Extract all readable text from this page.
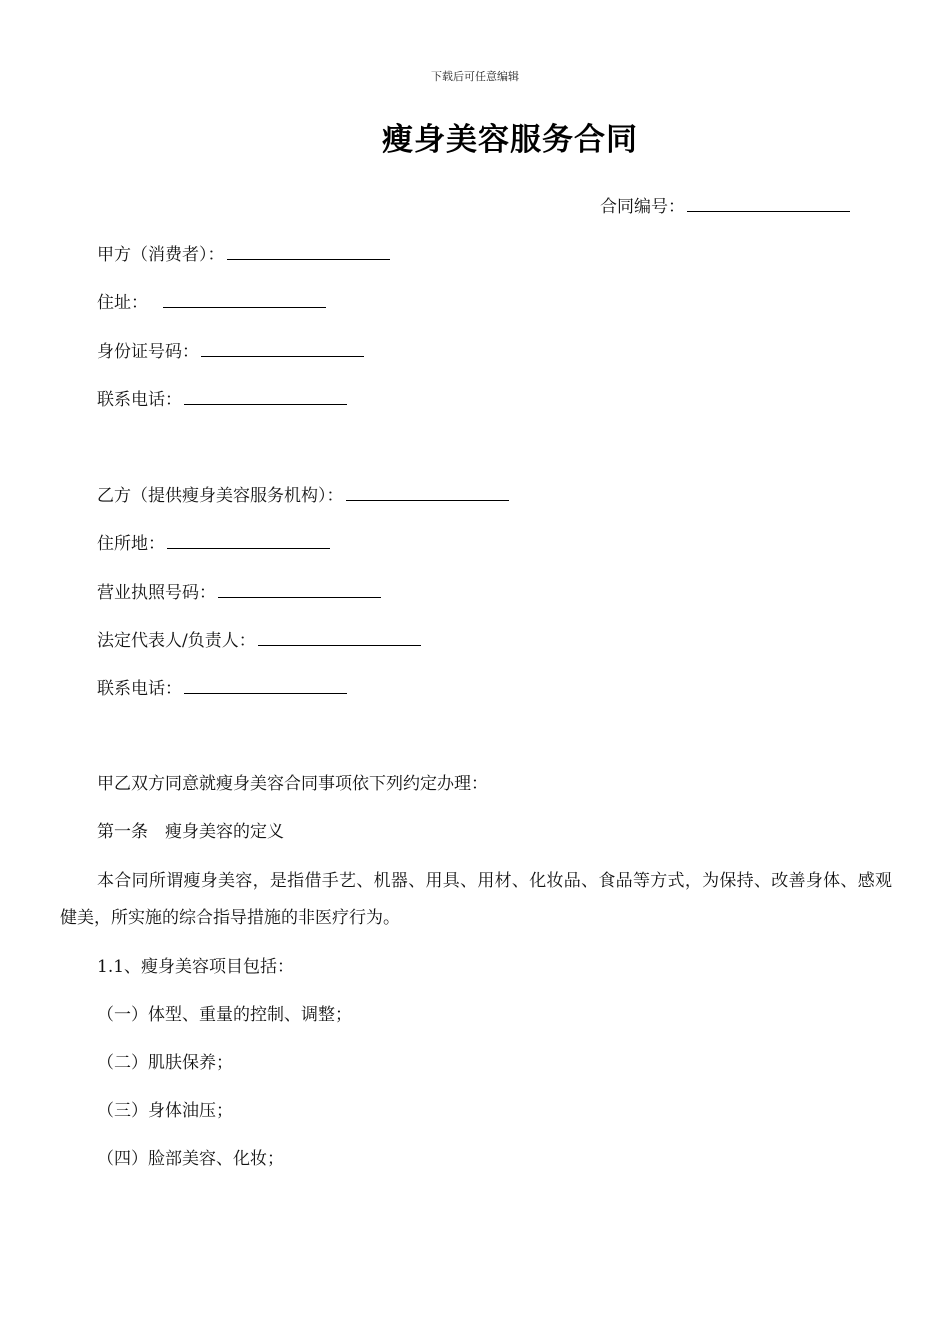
下载后可任意编辑
瘦身美容服务合同
合同编号：
甲方（消费者）：
住址：
身份证号码：
联系电话：
乙方（提供瘦身美容服务机构）：
住所地：
营业执照号码：
法定代表人/负责人：
联系电话：
甲乙双方同意就瘦身美容合同事项依下列约定办理：
第一条　瘦身美容的定义
本合同所谓瘦身美容，是指借手艺、机器、用具、用材、化妆品、食品等方式，为保持、改善身体、感观健美，所实施的综合指导措施的非医疗行为。
1.1、瘦身美容项目包括：
（一）体型、重量的控制、调整；
（二）肌肤保养；
（三）身体油压；
（四）脸部美容、化妆；
